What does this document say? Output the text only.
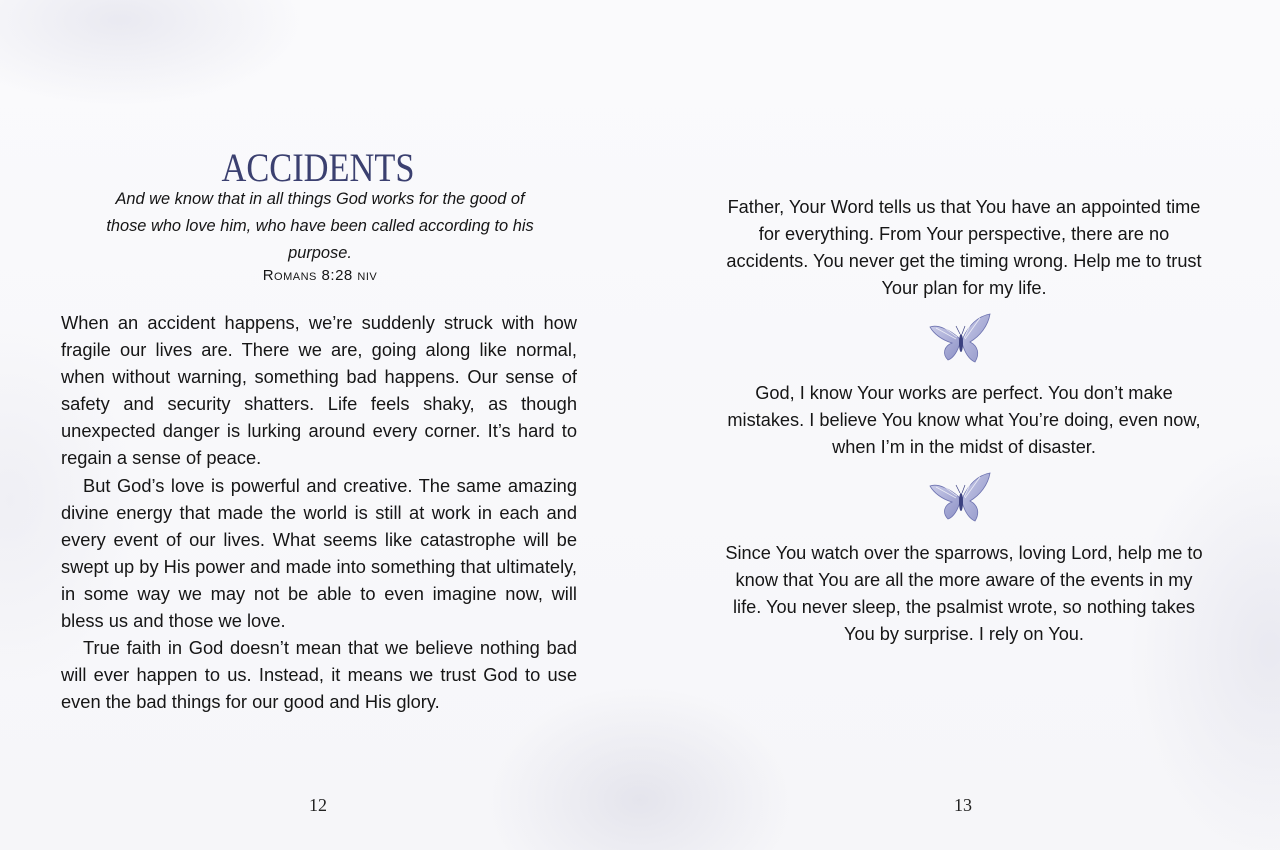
ACCIDENTS
And we know that in all things God works for the good of those who love him, who have been called according to his purpose.
Romans 8:28 niv

When an accident happens, we’re suddenly struck with how fragile our lives are. There we are, going along like normal, when without warning, something bad happens. Our sense of safety and security shatters. Life feels shaky, as though unexpected danger is lurking around every corner. It’s hard to regain a sense of peace.

But God’s love is powerful and creative. The same amazing divine energy that made the world is still at work in each and every event of our lives. What seems like catastrophe will be swept up by His power and made into something that ultimately, in some way we may not be able to even imagine now, will bless us and those we love.

True faith in God doesn’t mean that we believe nothing bad will ever happen to us. Instead, it means we trust God to use even the bad things for our good and His glory.

12
Father, Your Word tells us that You have an appointed time for everything. From Your perspective, there are no accidents. You never get the timing wrong. Help me to trust Your plan for my life.
God, I know Your works are perfect. You don’t make mistakes. I believe You know what You’re doing, even now, when I’m in the midst of disaster.
Since You watch over the sparrows, loving Lord, help me to know that You are all the more aware of the events in my life. You never sleep, the psalmist wrote, so nothing takes You by surprise. I rely on You.
13
